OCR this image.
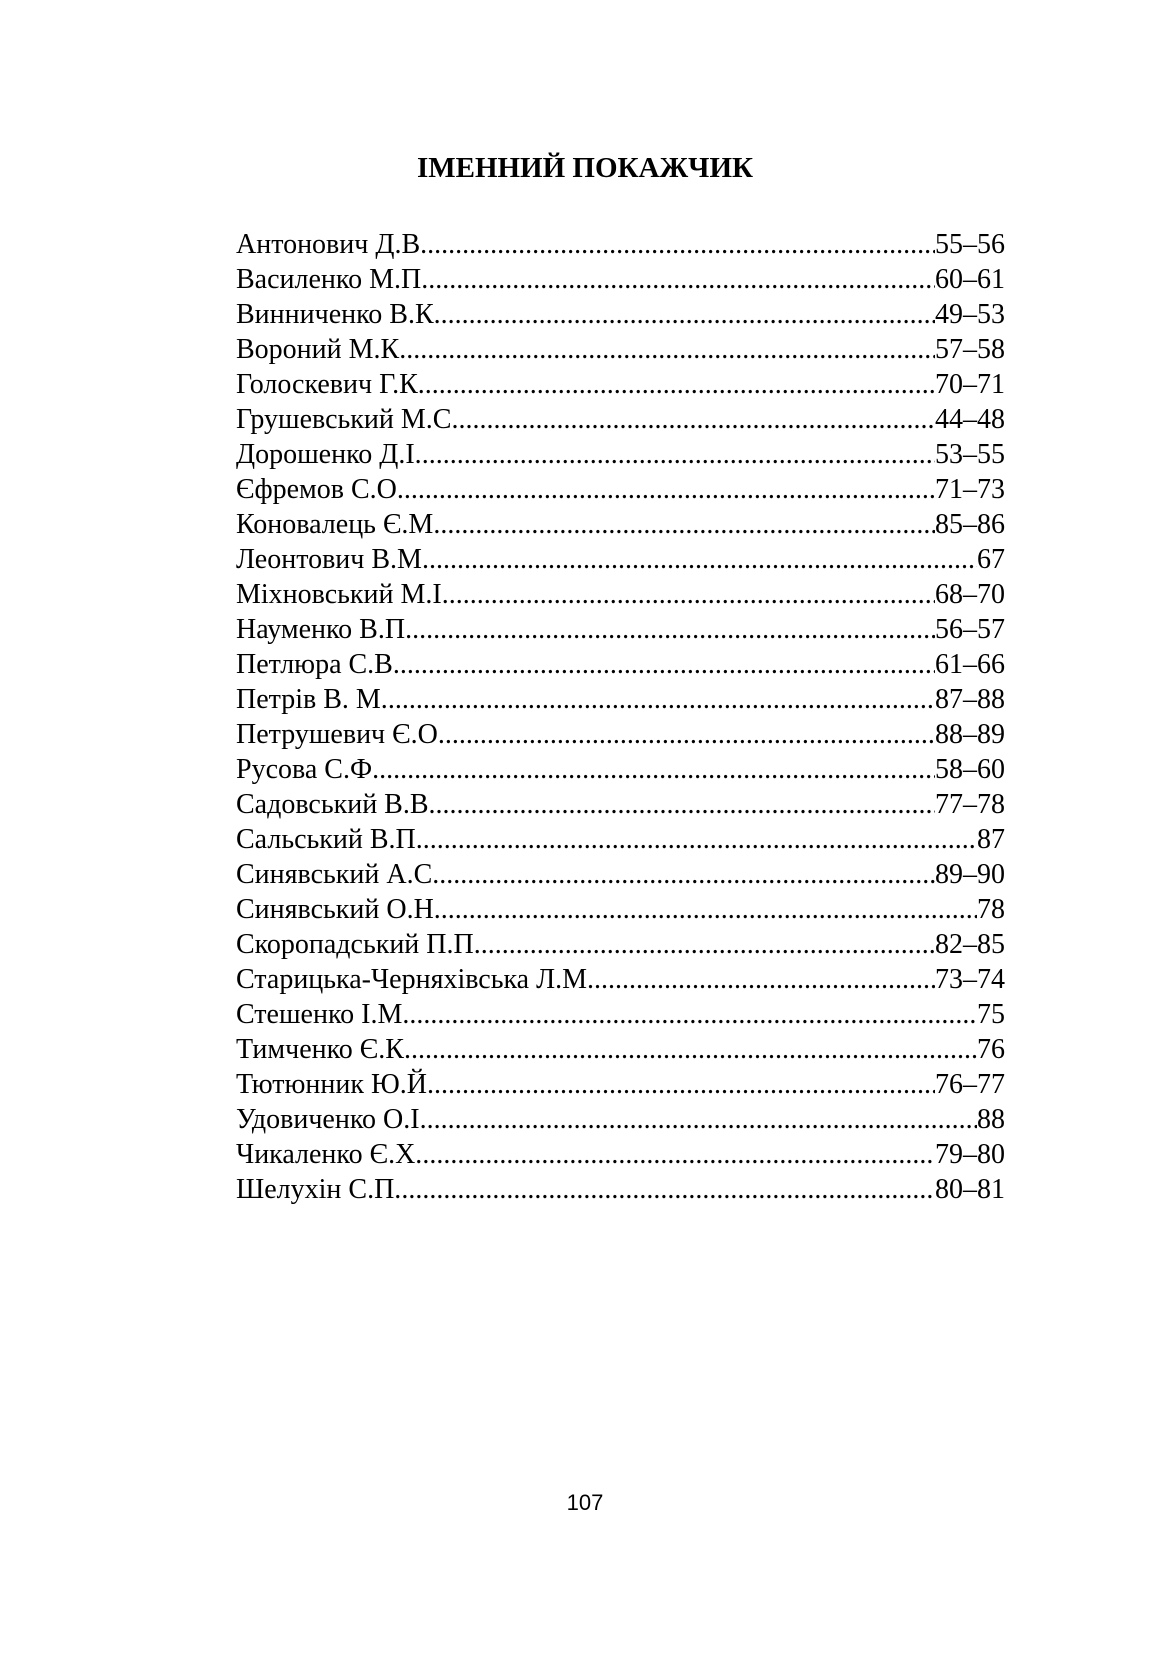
ІМЕННИЙ ПОКАЖЧИК
Антонович Д.В .....	55–56
Василенко М.П. .....	60–61
Винниченко В.К. .....	49–53
Вороний М.К. .....	57–58
Голоскевич Г.К. .....	70–71
Грушевський М.С .....	44–48
Дорошенко Д.І. .....	53–55
Єфремов С.О. .....	71–73
Коновалець Є.М. .....	85–86
Леонтович В.М. .....	67
Міхновський М.І. .....	68–70
Науменко В.П. .....	56–57
Петлюра С.В. .....	61–66
Петрів В. М. .....	87–88
Петрушевич Є.О. .....	88–89
Русова С.Ф. .....	58–60
Садовський В.В. .....	77–78
Сальський В.П. .....	87
Синявський А.С .....	89–90
Синявський О.Н .....	78
Скоропадський П.П .....	82–85
Старицька-Черняхівська Л.М .....	73–74
Стешенко І.М .....	75
Тимченко Є.К. .....	76
Тютюнник Ю.Й. .....	76–77
Удовиченко О.І .....	88
Чикаленко Є.Х. .....	79–80
Шелухін С.П. .....	80–81
107
